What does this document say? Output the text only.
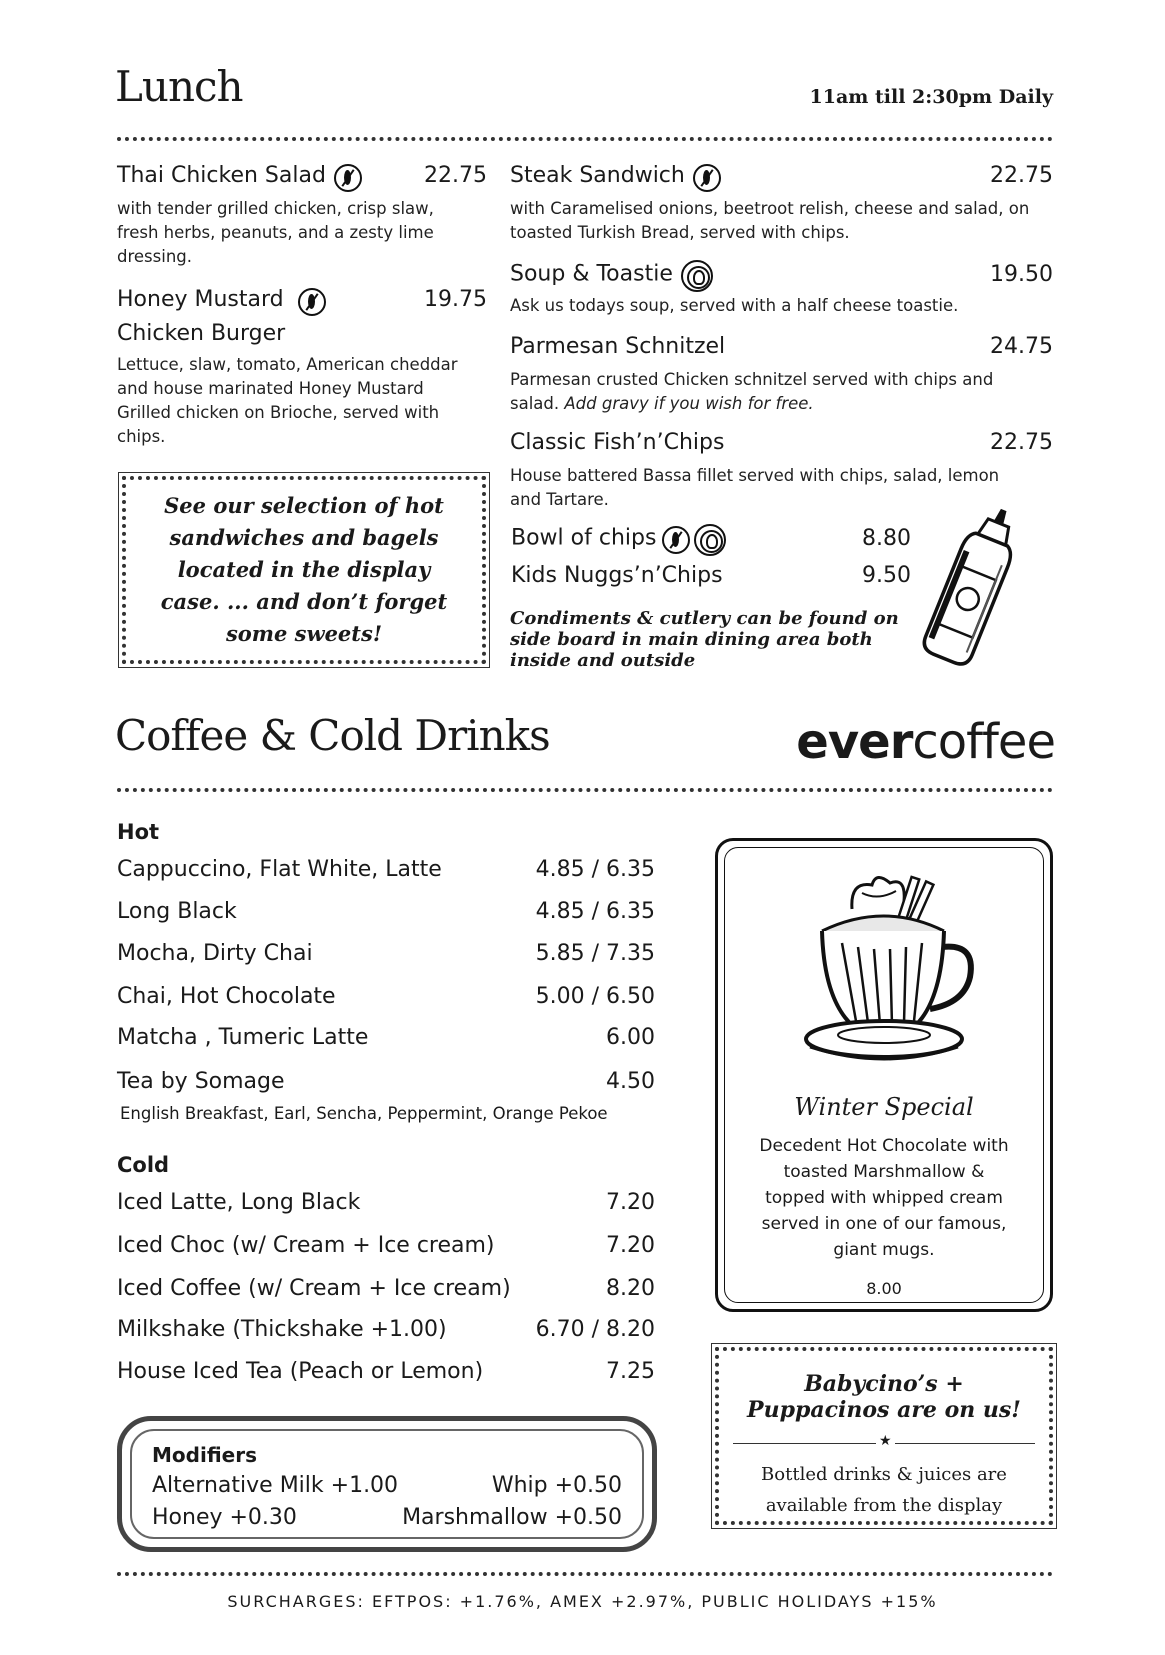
Lunch	11am till 2:30pm Daily
Thai Chicken Salad	22.75
with tender grilled chicken, crisp slaw, fresh herbs, peanuts, and a zesty lime dressing.
Honey Mustard	19.75
Chicken Burger
Lettuce, slaw, tomato, American cheddar and house marinated Honey Mustard Grilled chicken on Brioche, served with chips.
See our selection of hot sandwiches and bagels located in the display case. ... and don’t forget some sweets!
Steak Sandwich	22.75
with Caramelised onions, beetroot relish, cheese and salad, on toasted Turkish Bread, served with chips.
Soup & Toastie	19.50
Ask us todays soup, served with a half cheese toastie.
Parmesan Schnitzel	24.75
Parmesan crusted Chicken schnitzel served with chips and salad. Add gravy if you wish for free.
Classic Fish’n’Chips	22.75
House battered Bassa fillet served with chips, salad, lemon and Tartare.
Bowl of chips	8.80
Kids Nuggs’n’Chips	9.50
Condiments & cutlery can be found on side board in main dining area both inside and outside
Coffee & Cold Drinks	evercoffee
Hot
Cappuccino, Flat White, Latte	4.85 / 6.35
Long Black	4.85 / 6.35
Mocha, Dirty Chai	5.85 / 7.35
Chai, Hot Chocolate	5.00 / 6.50
Matcha , Tumeric Latte	6.00
Tea by Somage	4.50
English Breakfast, Earl, Sencha, Peppermint, Orange Pekoe
Cold
Iced Latte, Long Black	7.20
Iced Choc (w/ Cream + Ice cream)	7.20
Iced Coffee (w/ Cream + Ice cream)	8.20
Milkshake (Thickshake +1.00)	6.70 / 8.20
House Iced Tea (Peach or Lemon)	7.25
Modifiers
Alternative Milk +1.00	Whip +0.50
Honey +0.30	Marshmallow +0.50
Winter Special
Decedent Hot Chocolate with toasted Marshmallow & topped with whipped cream served in one of our famous, giant mugs.
8.00
Babycino’s + Puppacinos are on us!
★
Bottled drinks & juices are available from the display
SURCHARGES: EFTPOS: +1.76%, AMEX +2.97%, PUBLIC HOLIDAYS +15%
